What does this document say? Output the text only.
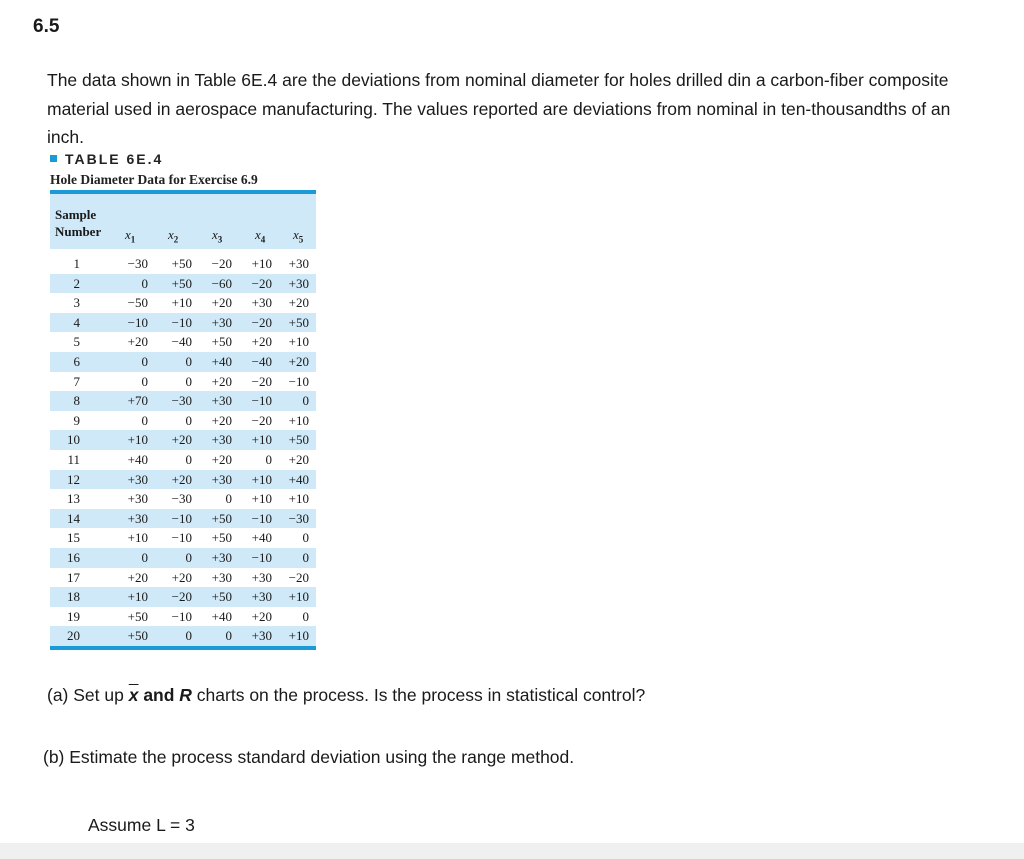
6.5
The data shown in Table 6E.4 are the deviations from nominal diameter for holes drilled din a carbon-fiber composite material used in aerospace manufacturing. The values reported are deviations from nominal in ten-thousandths of an inch.
TABLE 6E.4
Hole Diameter Data for Exercise 6.9
Sample
Number $x_1$	$x_2$	$x_3$	$x_4$ $x_5$
1	−30 +50 −20 +10 +30
2	0 +50 −60 −20 +30
3	−50 +10 +20 +30 +20
4	−10 −10 +30 −20 +50
5	+20 −40 +50 +20 +10
6	0	0 +40 −40 +20
7	0	0 +20 −20 −10
8	+70 −30 +30 −10 0
9	0	0 +20 −20 +10
10	+10 +20 +30 +10 +50
11	+40	0 +20	0 +20
12	+30 +20 +30 +10 +40
13	+30 −30	0 +10 +10
14	+30 −10 +50 −10 −30
15	+10 −10 +50 +40 0
16	0	0 +30 −10 0
17	+20 +20 +30 +30 −20
18	+10 −20 +50 +30 +10
19	+50 −10 +40 +20 0
20	+50	0	0 +30 +10
(a) Set up $\overline{x}$ and R charts on the process. Is the process in statistical control?
(b) Estimate the process standard deviation using the range method.
Assume L = 3
